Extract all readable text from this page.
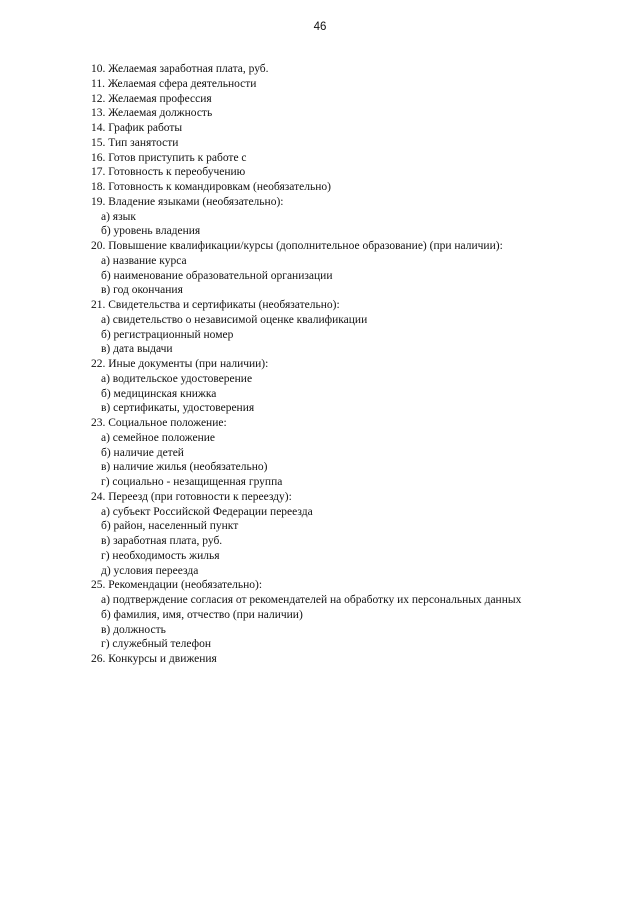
46
10. Желаемая заработная плата, руб.
11. Желаемая сфера деятельности
12. Желаемая профессия
13. Желаемая должность
14. График работы
15. Тип занятости
16. Готов приступить к работе с
17. Готовность к переобучению
18. Готовность к командировкам (необязательно)
19. Владение языками (необязательно):
а) язык
б) уровень владения
20. Повышение квалификации/курсы (дополнительное образование) (при наличии):
а) название курса
б) наименование образовательной организации
в) год окончания
21. Свидетельства и сертификаты (необязательно):
а) свидетельство о независимой оценке квалификации
б) регистрационный номер
в) дата выдачи
22. Иные документы (при наличии):
а) водительское удостоверение
б) медицинская книжка
в) сертификаты, удостоверения
23. Социальное положение:
а) семейное положение
б) наличие детей
в) наличие жилья (необязательно)
г) социально - незащищенная группа
24. Переезд (при готовности к переезду):
а) субъект Российской Федерации переезда
б) район, населенный пункт
в) заработная плата, руб.
г) необходимость жилья
д) условия переезда
25. Рекомендации (необязательно):
а) подтверждение согласия от рекомендателей на обработку их персональных данных
б) фамилия, имя, отчество (при наличии)
в) должность
г) служебный телефон
26. Конкурсы и движения
